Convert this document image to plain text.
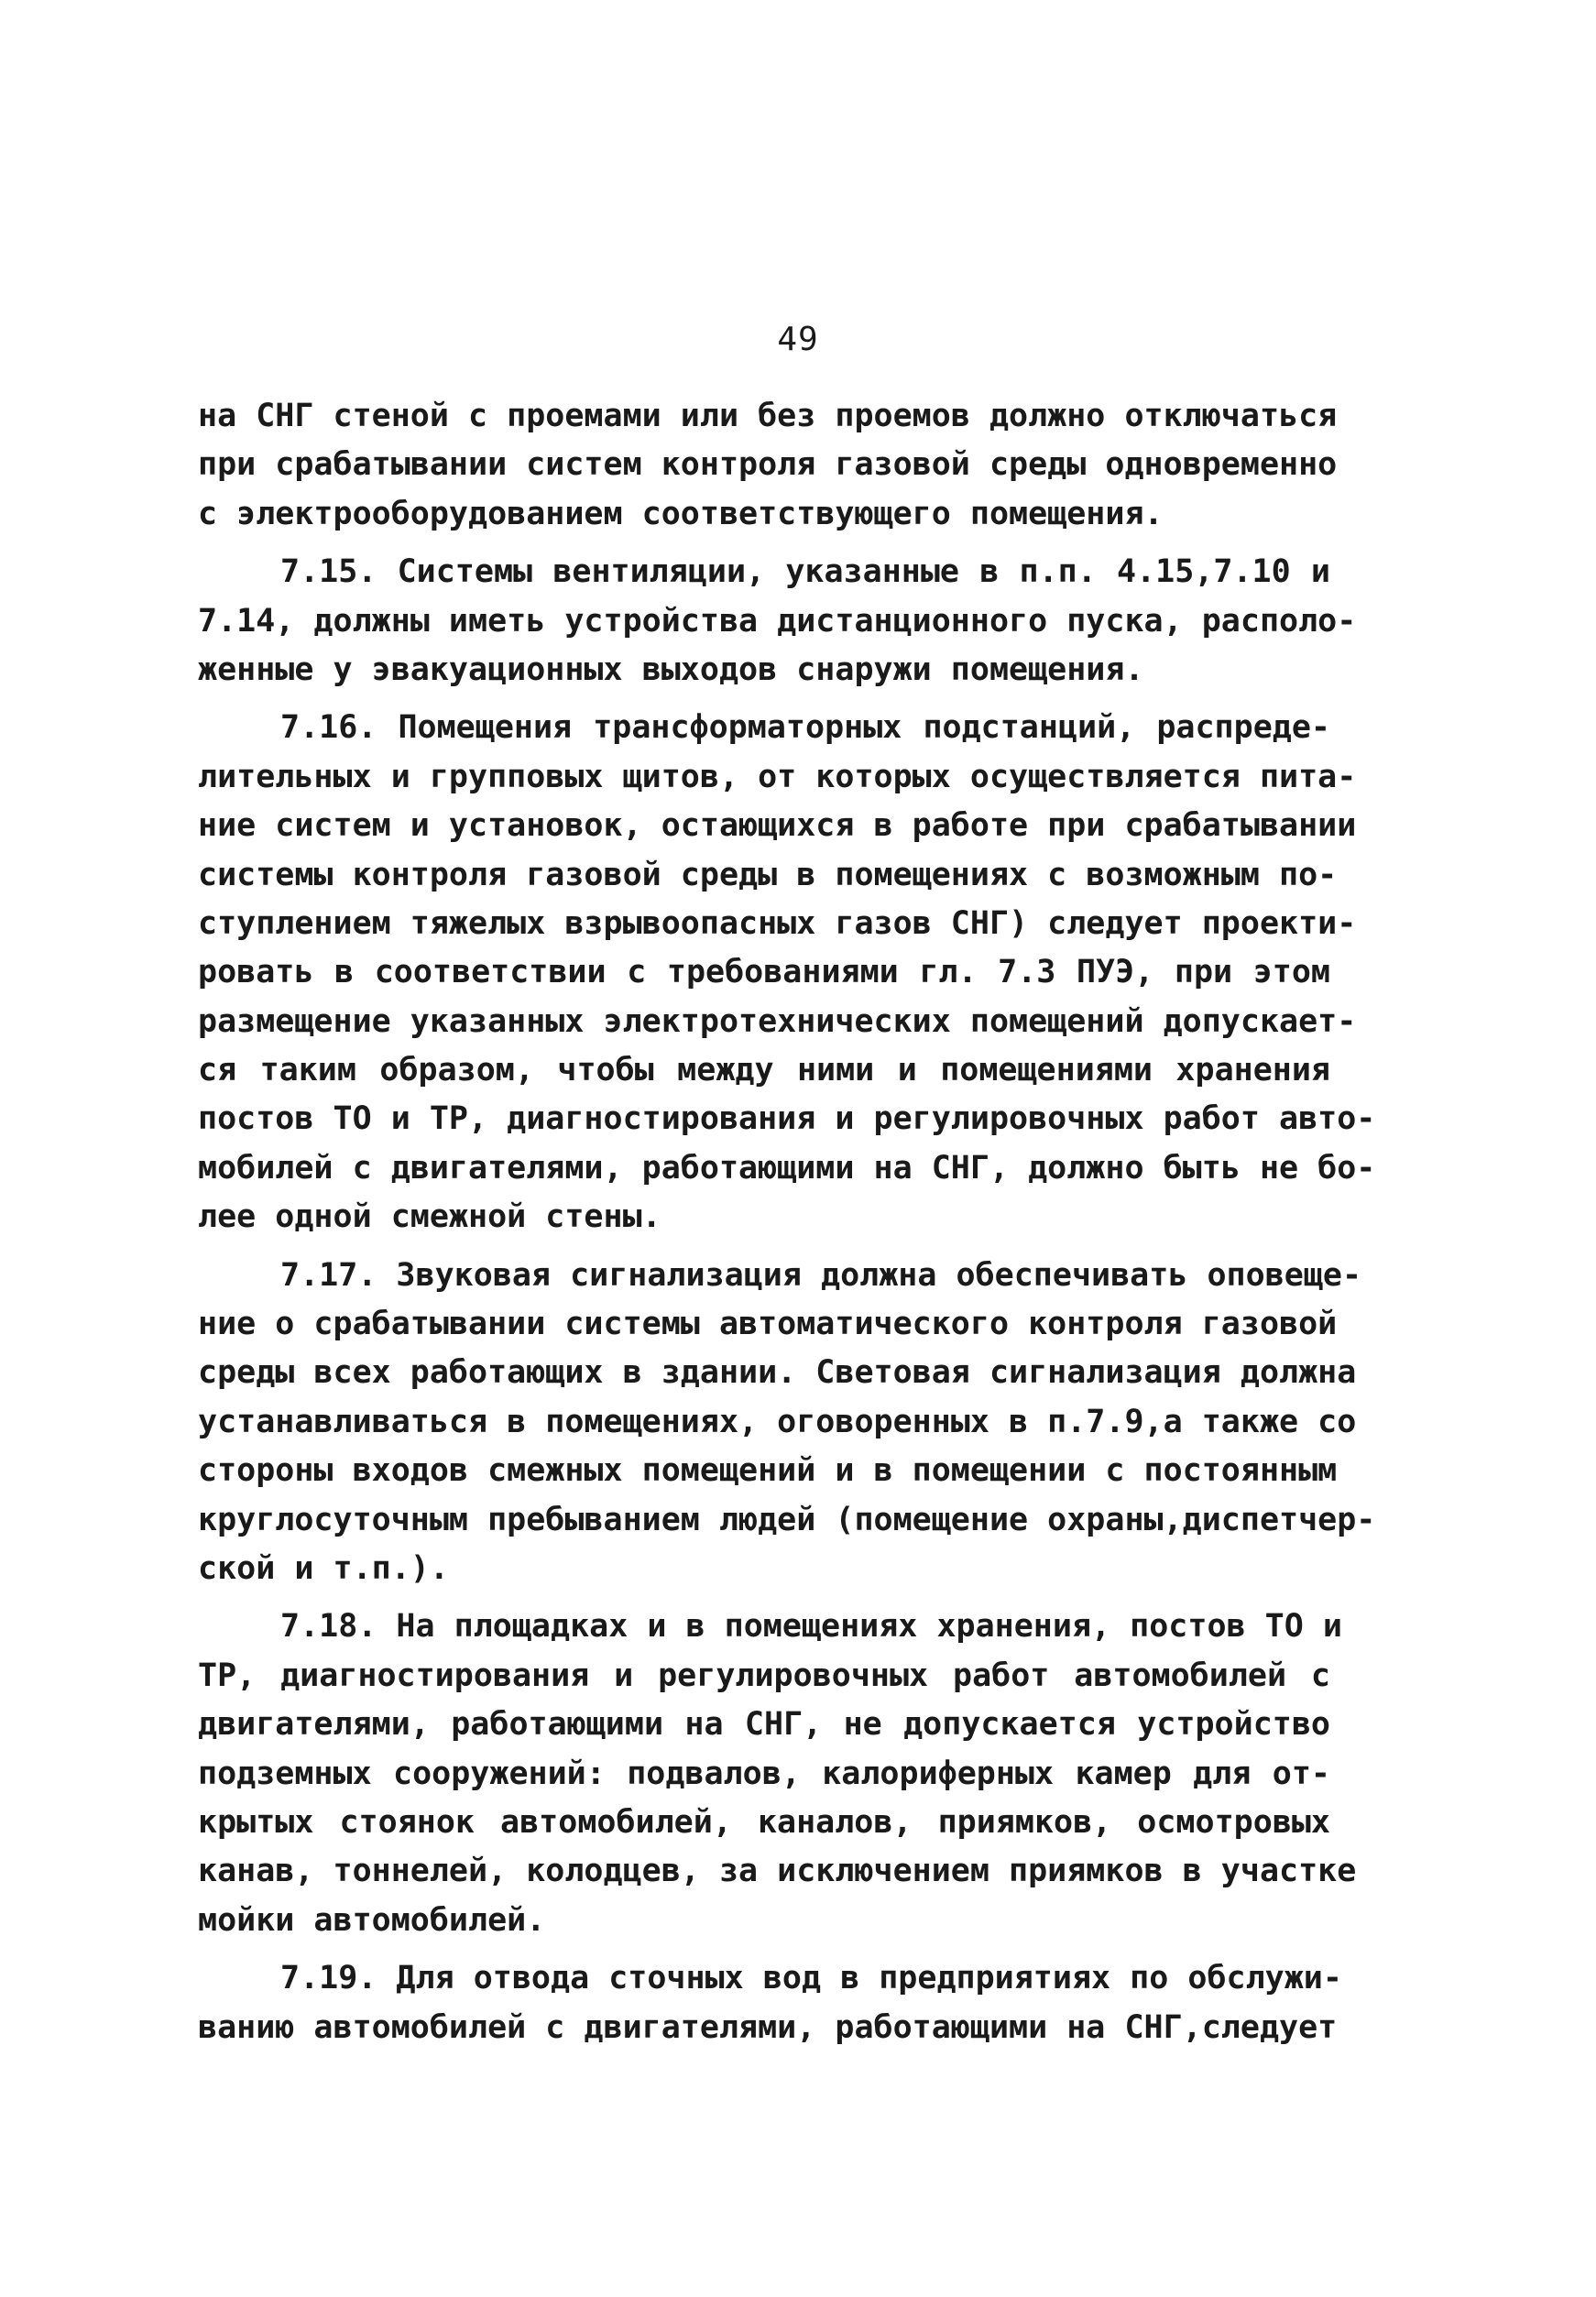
49
на СНГ стеной с проемами или без проемов должно отключаться
при срабатывании систем контроля газовой среды одновременно
с электрооборудованием соответствующего помещения.
7.15. Системы вентиляции, указанные в п.п. 4.15,7.10 и
7.14, должны иметь устройства дистанционного пуска, располо-
женные у эвакуационных выходов снаружи помещения.
7.16. Помещения трансформаторных подстанций, распреде-
лительных и групповых щитов, от которых осуществляется пита-
ние систем и установок, остающихся в работе при срабатывании
системы контроля газовой среды в помещениях с возможным по-
ступлением тяжелых взрывоопасных газов СНГ) следует проекти-
ровать в соответствии с требованиями гл. 7.3 ПУЭ, при этом
размещение указанных электротехнических помещений допускает-
ся таким образом, чтобы между ними и помещениями хранения
постов ТО и ТР, диагностирования и регулировочных работ авто-
мобилей с двигателями, работающими на СНГ, должно быть не бо-
лее одной смежной стены.
7.17. Звуковая сигнализация должна обеспечивать оповеще-
ние о срабатывании системы автоматического контроля газовой
среды всех работающих в здании. Световая сигнализация должна
устанавливаться в помещениях, оговоренных в п.7.9,а также со
стороны входов смежных помещений и в помещении с постоянным
круглосуточным пребыванием людей (помещение охраны,диспетчер-
ской и т.п.).
7.18. На площадках и в помещениях хранения, постов ТО и
ТР, диагностирования и регулировочных работ автомобилей с
двигателями, работающими на СНГ, не допускается устройство
подземных сооружений: подвалов, калориферных камер для от-
крытых стоянок автомобилей, каналов, приямков, осмотровых
канав, тоннелей, колодцев, за исключением приямков в участке
мойки автомобилей.
7.19. Для отвода сточных вод в предприятиях по обслужи-
ванию автомобилей с двигателями, работающими на СНГ,следует
